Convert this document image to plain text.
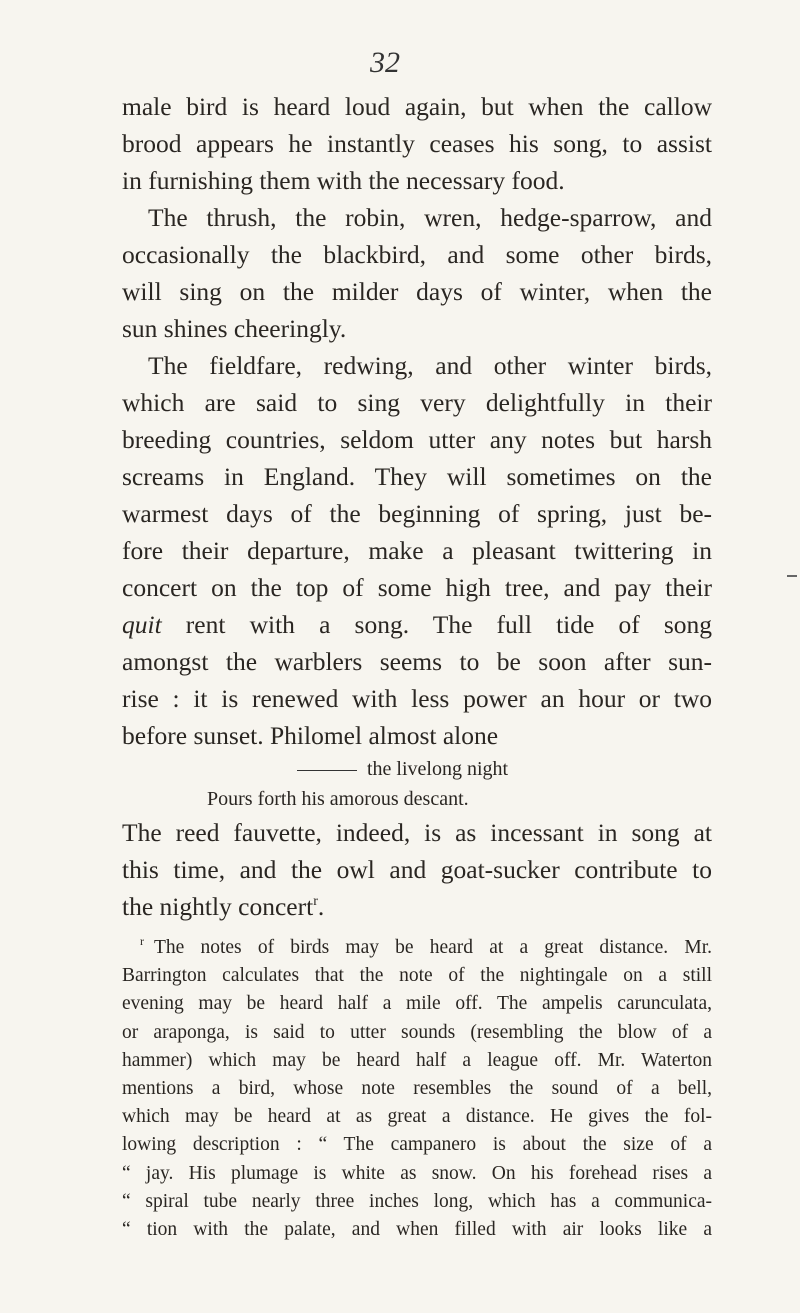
32
male bird is heard loud again, but when the callow
brood appears he instantly ceases his song, to assist
in furnishing them with the necessary food.
The thrush, the robin, wren, hedge-sparrow, and
occasionally the blackbird, and some other birds,
will sing on the milder days of winter, when the
sun shines cheeringly.
The fieldfare, redwing, and other winter birds,
which are said to sing very delightfully in their
breeding countries, seldom utter any notes but harsh
screams in England. They will sometimes on the
warmest days of the beginning of spring, just be-
fore their departure, make a pleasant twittering in
concert on the top of some high tree, and pay their
quit rent with a song. The full tide of song
amongst the warblers seems to be soon after sun-
rise : it is renewed with less power an hour or two
before sunset. Philomel almost alone
the livelong night
Pours forth his amorous descant.
The reed fauvette, indeed, is as incessant in song at
this time, and the owl and goat-sucker contribute to
the nightly concert$^r$.
$^r$ The notes of birds may be heard at a great distance. Mr.
Barrington calculates that the note of the nightingale on a still
evening may be heard half a mile off. The ampelis carunculata,
or araponga, is said to utter sounds (resembling the blow of a
hammer) which may be heard half a league off. Mr. Waterton
mentions a bird, whose note resembles the sound of a bell,
which may be heard at as great a distance. He gives the fol-
lowing description : “ The campanero is about the size of a
“ jay. His plumage is white as snow. On his forehead rises a
“ spiral tube nearly three inches long, which has a communica-
“ tion with the palate, and when filled with air looks like a
